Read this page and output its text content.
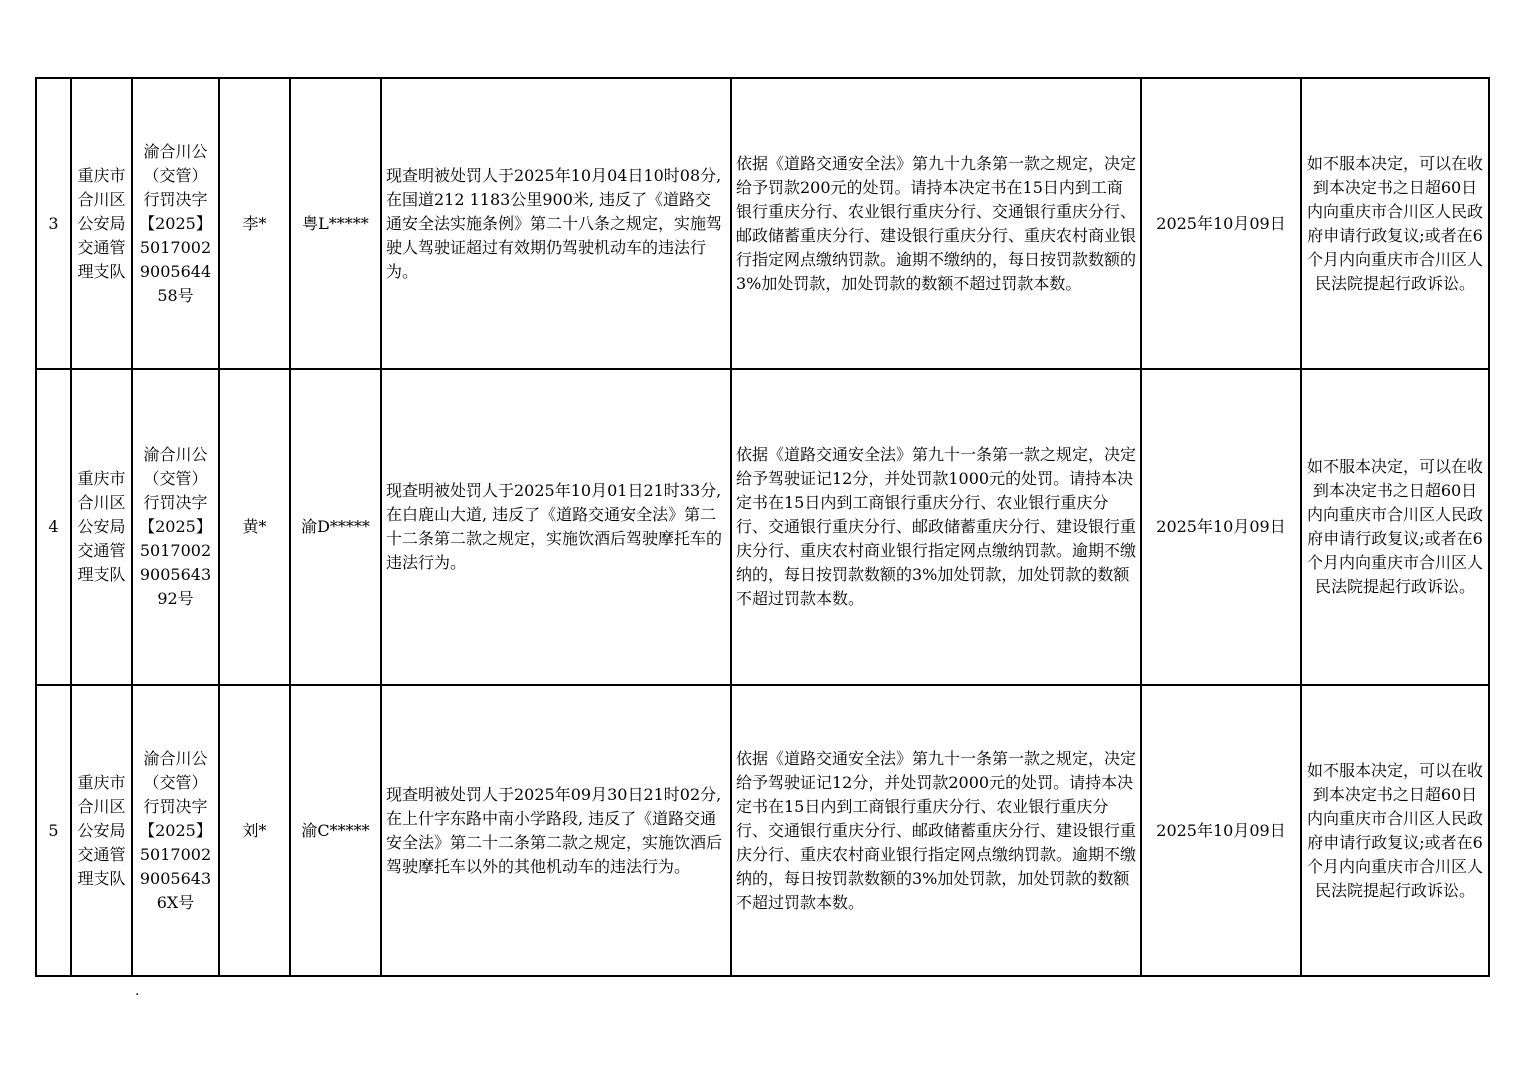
3	重庆市合川区公安局交通管理支队	渝合川公（交管）行罚决字【2025】5017002900564458号	李*	粤L*****	现查明被处罚人于2025年10月04日10时08分, 在国道212 1183公里900米, 违反了《道路交通安全法实施条例》第二十八条之规定，实施驾驶人驾驶证超过有效期仍驾驶机动车的违法行为。	依据《道路交通安全法》第九十九条第一款之规定，决定给予罚款200元的处罚。请持本决定书在15日内到工商银行重庆分行、农业银行重庆分行、交通银行重庆分行、邮政储蓄重庆分行、建设银行重庆分行、重庆农村商业银行指定网点缴纳罚款。逾期不缴纳的，每日按罚款数额的3%加处罚款，加处罚款的数额不超过罚款本数。	2025年10月09日	如不服本决定，可以在收到本决定书之日超60日内向重庆市合川区人民政府申请行政复议;或者在6个月内向重庆市合川区人民法院提起行政诉讼。

4	重庆市合川区公安局交通管理支队	渝合川公（交管）行罚决字【2025】5017002900564392号	黄*	渝D*****	现查明被处罚人于2025年10月01日21时33分, 在白鹿山大道, 违反了《道路交通安全法》第二十二条第二款之规定，实施饮酒后驾驶摩托车的违法行为。	依据《道路交通安全法》第九十一条第一款之规定，决定给予驾驶证记12分，并处罚款1000元的处罚。请持本决定书在15日内到工商银行重庆分行、农业银行重庆分行、交通银行重庆分行、邮政储蓄重庆分行、建设银行重庆分行、重庆农村商业银行指定网点缴纳罚款。逾期不缴纳的，每日按罚款数额的3%加处罚款，加处罚款的数额不超过罚款本数。	2025年10月09日	如不服本决定，可以在收到本决定书之日超60日内向重庆市合川区人民政府申请行政复议;或者在6个月内向重庆市合川区人民法院提起行政诉讼。

5	重庆市合川区公安局交通管理支队	渝合川公（交管）行罚决字【2025】501700290056436X号	刘*	渝C*****	现查明被处罚人于2025年09月30日21时02分, 在上什字东路中南小学路段, 违反了《道路交通安全法》第二十二条第二款之规定，实施饮酒后驾驶摩托车以外的其他机动车的违法行为。	依据《道路交通安全法》第九十一条第一款之规定，决定给予驾驶证记12分，并处罚款2000元的处罚。请持本决定书在15日内到工商银行重庆分行、农业银行重庆分行、交通银行重庆分行、邮政储蓄重庆分行、建设银行重庆分行、重庆农村商业银行指定网点缴纳罚款。逾期不缴纳的，每日按罚款数额的3%加处罚款，加处罚款的数额不超过罚款本数。	2025年10月09日	如不服本决定，可以在收到本决定书之日超60日内向重庆市合川区人民政府申请行政复议;或者在6个月内向重庆市合川区人民法院提起行政诉讼。
.
